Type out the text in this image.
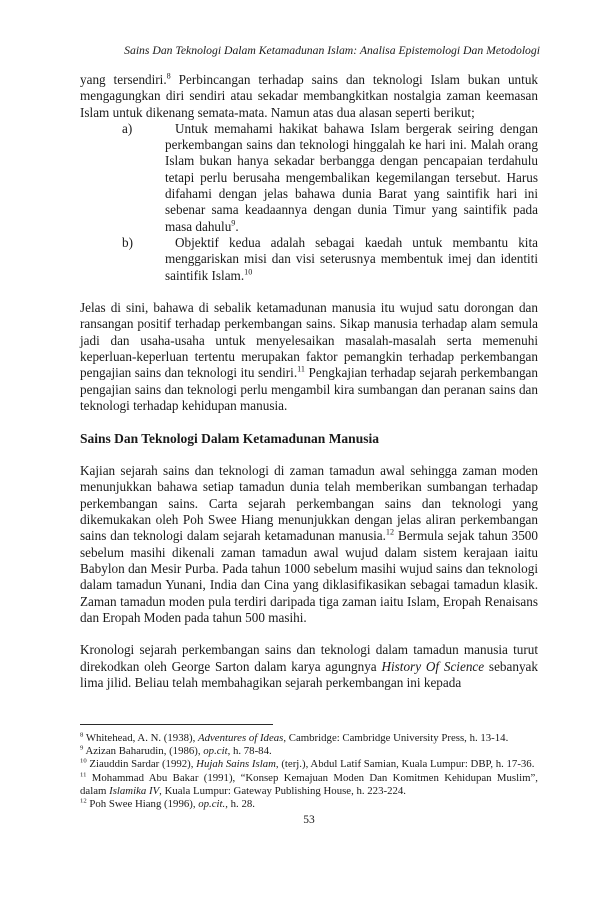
Sains Dan Teknologi Dalam Ketamadunan Islam: Analisa Epistemologi Dan Metodologi

yang tersendiri.$^8$ Perbincangan terhadap sains dan teknologi Islam bukan untuk mengagungkan diri sendiri atau sekadar membangkitkan nostalgia zaman keemasan Islam untuk dikenang semata-mata. Namun atas dua alasan seperti berikut;

a)	Untuk memahami hakikat bahawa Islam bergerak seiring dengan perkembangan sains dan teknologi hinggalah ke hari ini. Malah orang Islam bukan hanya sekadar berbangga dengan pencapaian terdahulu tetapi perlu berusaha mengembalikan kegemilangan tersebut. Harus difahami dengan jelas bahawa dunia Barat yang saintifik hari ini sebenar sama keadaannya dengan dunia Timur yang saintifik pada masa dahulu$^9$.
b)	Objektif kedua adalah sebagai kaedah untuk membantu kita menggariskan misi dan visi seterusnya membentuk imej dan identiti saintifik Islam.$^{10}$

Jelas di sini, bahawa di sebalik ketamadunan manusia itu wujud satu dorongan dan ransangan positif terhadap perkembangan sains. Sikap manusia terhadap alam semula jadi dan usaha-usaha untuk menyelesaikan masalah-masalah serta memenuhi keperluan-keperluan tertentu merupakan faktor pemangkin terhadap perkembangan pengajian sains dan teknologi itu sendiri.$^{11}$ Pengkajian terhadap sejarah perkembangan pengajian sains dan teknologi perlu mengambil kira sumbangan dan peranan sains dan teknologi terhadap kehidupan manusia.

Sains Dan Teknologi Dalam Ketamadunan Manusia

Kajian sejarah sains dan teknologi di zaman tamadun awal sehingga zaman moden menunjukkan bahawa setiap tamadun dunia telah memberikan sumbangan terhadap perkembangan sains. Carta sejarah perkembangan sains dan teknologi yang dikemukakan oleh Poh Swee Hiang menunjukkan dengan jelas aliran perkembangan sains dan teknologi dalam sejarah ketamadunan manusia.$^{12}$ Bermula sejak tahun 3500 sebelum masihi dikenali zaman tamadun awal wujud dalam sistem kerajaan iaitu Babylon dan Mesir Purba. Pada tahun 1000 sebelum masihi wujud sains dan teknologi dalam tamadun Yunani, India dan Cina yang diklasifikasikan sebagai tamadun klasik. Zaman tamadun moden pula terdiri daripada tiga zaman iaitu Islam, Eropah Renaisans dan Eropah Moden pada tahun 500 masihi.

Kronologi sejarah perkembangan sains dan teknologi dalam tamadun manusia turut direkodkan oleh George Sarton dalam karya agungnya History Of Science sebanyak lima jilid. Beliau telah membahagikan sejarah perkembangan ini kepada

$^8$ Whitehead, A. N. (1938), Adventures of Ideas, Cambridge: Cambridge University Press, h. 13-14.
$^9$ Azizan Baharudin, (1986), op.cit, h. 78-84.
$^{10}$ Ziauddin Sardar (1992), Hujah Sains Islam, (terj.), Abdul Latif Samian, Kuala Lumpur: DBP, h. 17-36.
$^{11}$ Mohammad Abu Bakar (1991), “Konsep Kemajuan Moden Dan Komitmen Kehidupan Muslim”, dalam Islamika IV, Kuala Lumpur: Gateway Publishing House, h. 223-224.
$^{12}$ Poh Swee Hiang (1996), op.cit., h. 28.
53
